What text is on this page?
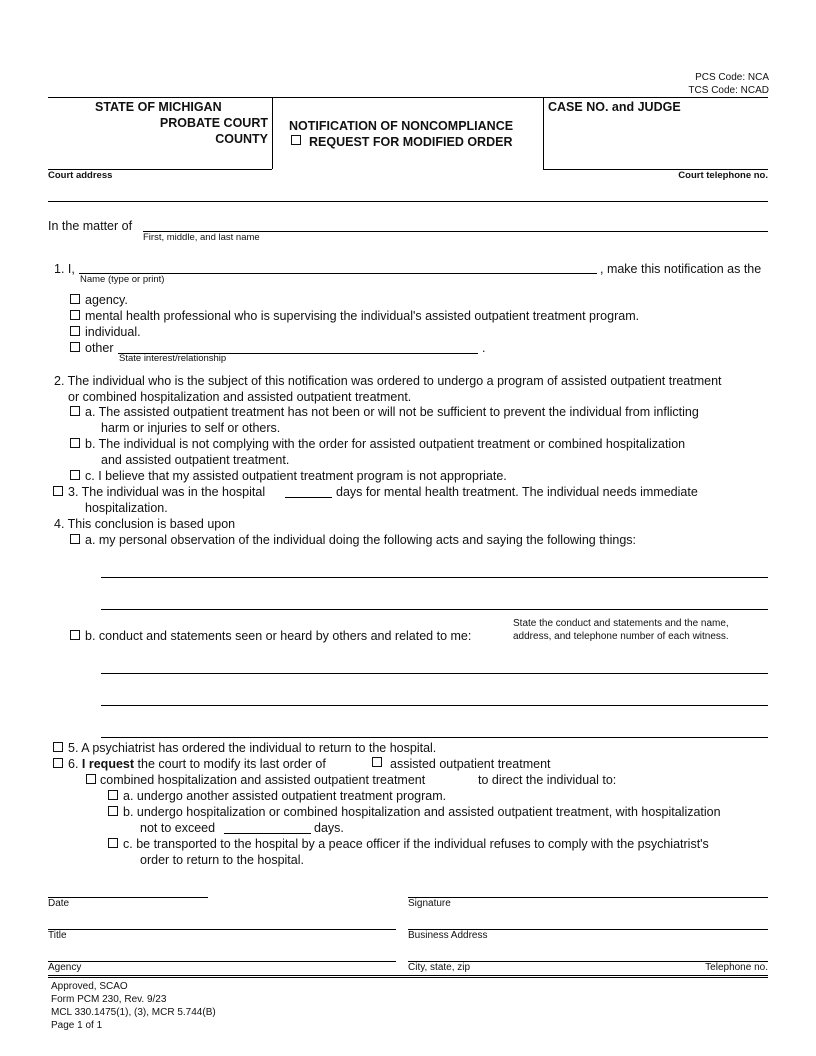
PCS Code: NCA
TCS Code: NCAD
STATE OF MICHIGAN
PROBATE COURT
COUNTY
NOTIFICATION OF NONCOMPLIANCE
REQUEST FOR MODIFIED ORDER
CASE NO. and JUDGE
Court address	Court telephone no.
In the matter of
First, middle, and last name
1. I,	, make this notification as the
Name (type or print)
agency.
mental health professional who is supervising the individual's assisted outpatient treatment program.
individual.
other	.
State interest/relationship
2. The individual who is the subject of this notification was ordered to undergo a program of assisted outpatient treatment
or combined hospitalization and assisted outpatient treatment.
a. The assisted outpatient treatment has not been or will not be sufficient to prevent the individual from inflicting
harm or injuries to self or others.
b. The individual is not complying with the order for assisted outpatient treatment or combined hospitalization
and assisted outpatient treatment.
c. I believe that my assisted outpatient treatment program is not appropriate.
3. The individual was in the hospital	days for mental health treatment. The individual needs immediate
hospitalization.
4. This conclusion is based upon
a. my personal observation of the individual doing the following acts and saying the following things:
b. conduct and statements seen or heard by others and related to me:
State the conduct and statements and the name,
address, and telephone number of each witness.
5. A psychiatrist has ordered the individual to return to the hospital.
6. I request the court to modify its last order of	assisted outpatient treatment
combined hospitalization and assisted outpatient treatment	to direct the individual to:
a. undergo another assisted outpatient treatment program.
b. undergo hospitalization or combined hospitalization and assisted outpatient treatment, with hospitalization
not to exceed	days.
c. be transported to the hospital by a peace officer if the individual refuses to comply with the psychiatrist's
order to return to the hospital.
Date	Signature
Title	Business Address
Agency	City, state, zip	Telephone no.
Approved, SCAO
Form PCM 230, Rev. 9/23
MCL 330.1475(1), (3), MCR 5.744(B)
Page 1 of 1
